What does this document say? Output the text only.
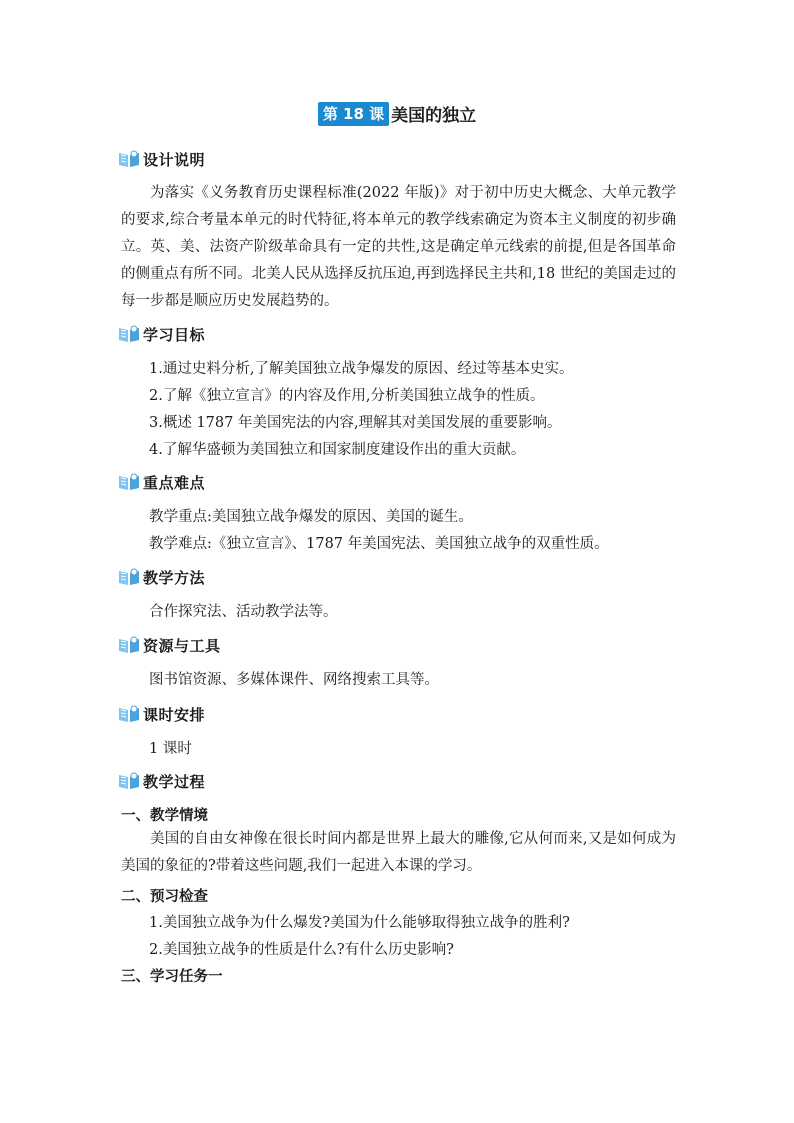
第 18 课 美国的独立
设计说明
为落实《义务教育历史课程标准(2022 年版)》对于初中历史大概念、大单元教学的要求,综合考量本单元的时代特征,将本单元的教学线索确定为资本主义制度的初步确立。英、美、法资产阶级革命具有一定的共性,这是确定单元线索的前提,但是各国革命的侧重点有所不同。北美人民从选择反抗压迫,再到选择民主共和,18 世纪的美国走过的每一步都是顺应历史发展趋势的。
学习目标
1.通过史料分析,了解美国独立战争爆发的原因、经过等基本史实。
2.了解《独立宣言》的内容及作用,分析美国独立战争的性质。
3.概述 1787 年美国宪法的内容,理解其对美国发展的重要影响。
4.了解华盛顿为美国独立和国家制度建设作出的重大贡献。
重点难点
教学重点:美国独立战争爆发的原因、美国的诞生。
教学难点:《独立宣言》、1787 年美国宪法、美国独立战争的双重性质。
教学方法
合作探究法、活动教学法等。
资源与工具
图书馆资源、多媒体课件、网络搜索工具等。
课时安排
1 课时
教学过程
一、教学情境
美国的自由女神像在很长时间内都是世界上最大的雕像,它从何而来,又是如何成为美国的象征的?带着这些问题,我们一起进入本课的学习。
二、预习检查
1.美国独立战争为什么爆发?美国为什么能够取得独立战争的胜利?
2.美国独立战争的性质是什么?有什么历史影响?
三、学习任务一
